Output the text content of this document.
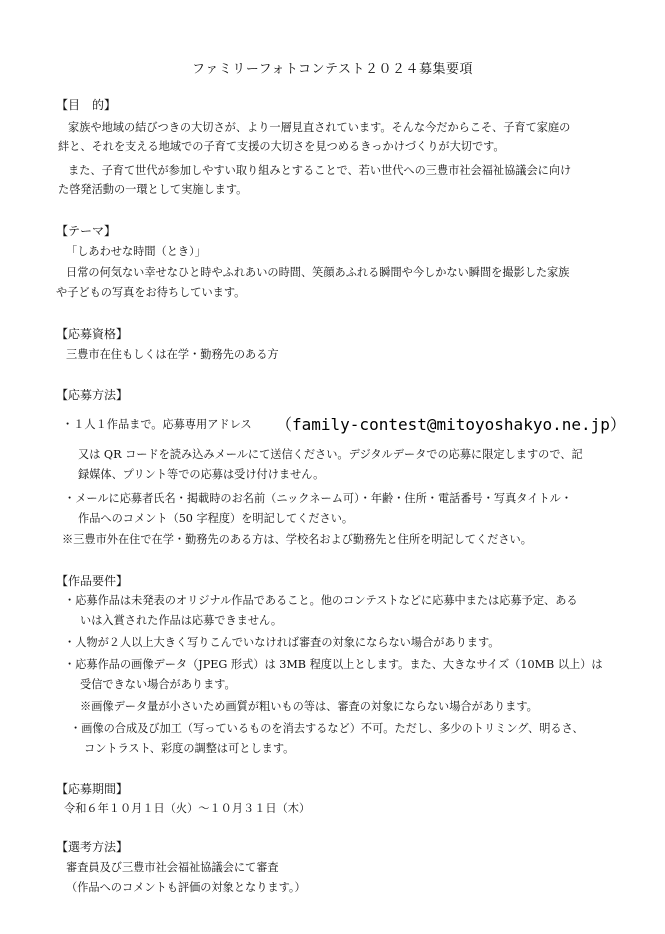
ファミリーフォトコンテスト２０２４募集要項
【目　的】
家族や地域の結びつきの大切さが、より一層見直されています。そんな今だからこそ、子育て家庭の
絆と、それを支える地域での子育て支援の大切さを見つめるきっかけづくりが大切です。
また、子育て世代が参加しやすい取り組みとすることで、若い世代への三豊市社会福祉協議会に向け
た啓発活動の一環として実施します。
【テーマ】
「しあわせな時間（とき）」
日常の何気ない幸せなひと時やふれあいの時間、笑顔あふれる瞬間や今しかない瞬間を撮影した家族
や子どもの写真をお待ちしています。
【応募資格】
三豊市在住もしくは在学・勤務先のある方
【応募方法】
・１人１作品まで。応募専用アドレス （family-contest@mitoyoshakyo.ne.jp）
又は QR コードを読み込みメールにて送信ください。デジタルデータでの応募に限定しますので、記
録媒体、プリント等での応募は受け付けません。
・メールに応募者氏名・掲載時のお名前（ニックネーム可）・年齢・住所・電話番号・写真タイトル・
作品へのコメント（50 字程度）を明記してください。
※三豊市外在住で在学・勤務先のある方は、学校名および勤務先と住所を明記してください。
【作品要件】
・応募作品は未発表のオリジナル作品であること。他のコンテストなどに応募中または応募予定、ある
いは入賞された作品は応募できません。
・人物が２人以上大きく写りこんでいなければ審査の対象にならない場合があります。
・応募作品の画像データ（JPEG 形式）は 3MB 程度以上とします。また、大きなサイズ（10MB 以上）は
受信できない場合があります。
※画像データ量が小さいため画質が粗いもの等は、審査の対象にならない場合があります。
・画像の合成及び加工（写っているものを消去するなど）不可。ただし、多少のトリミング、明るさ、
コントラスト、彩度の調整は可とします。
【応募期間】
令和６年１０月１日（火）～１０月３１日（木）
【選考方法】
審査員及び三豊市社会福祉協議会にて審査
（作品へのコメントも評価の対象となります。）
